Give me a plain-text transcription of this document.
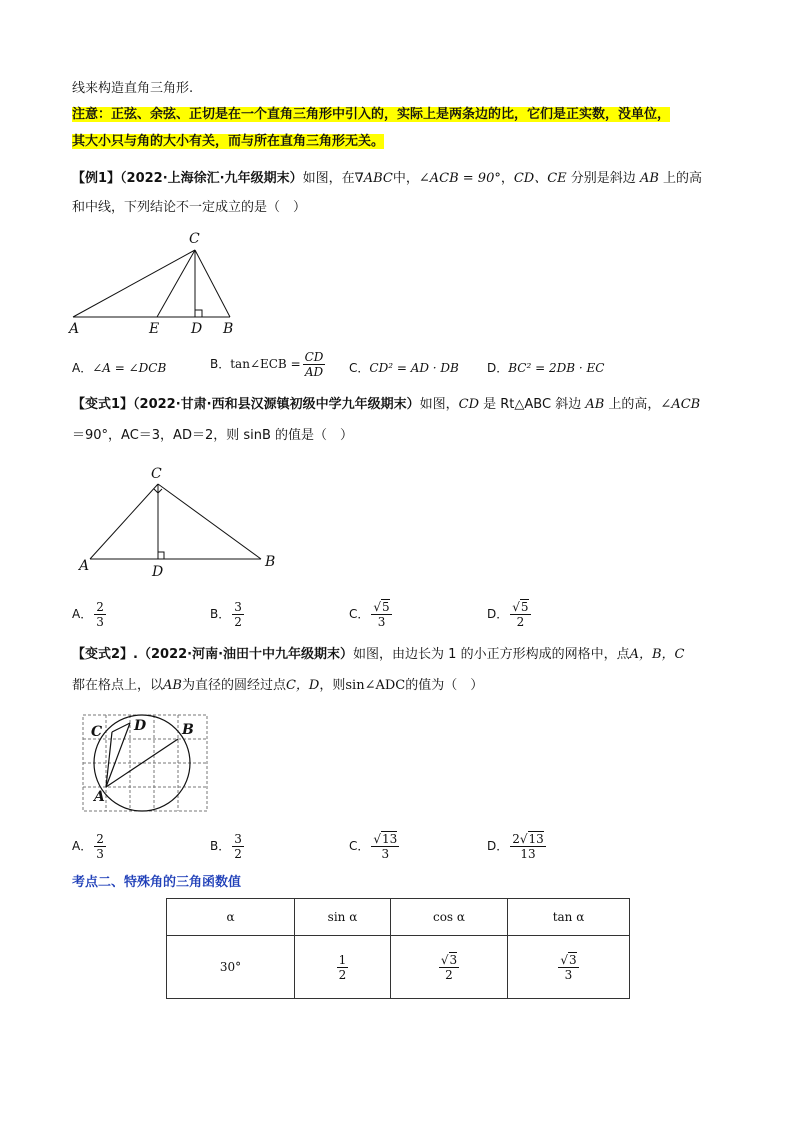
线来构造直角三角形.
注意：正弦、余弦、正切是在一个直角三角形中引入的，实际上是两条边的比，它们是正实数，没单位，
其大小只与角的大小有关，而与所在直角三角形无关。
【例1】（2022·上海徐汇·九年级期末）如图，在∇ABC中，∠ACB = 90°，CD、CE 分别是斜边 AB 上的高
和中线，下列结论不一定成立的是（　）
C
A	E D B
A．∠A = ∠DCB	B．tan∠ECB = $\frac{CD}{AD}$ C．CD² = AD · DB D．BC² = 2DB · EC
【变式1】（2022·甘肃·西和县汉源镇初级中学九年级期末）如图，CD 是 Rt△ABC 斜边 AB 上的高，∠ACB
＝90°，AC＝3，AD＝2，则 sinB 的值是（　）
C
A	D
B
A． $\frac{2}{3}$	B． $\frac{3}{2}$	C． $\frac{√5}{3}$	D． $\frac{√5}{2}$
【变式2】.（2022·河南·油田十中九年级期末）如图，由边长为 1 的小正方形构成的网格中，点A，B，C
都在格点上，以AB为直径的圆经过点C，D，则sin∠ADC的值为（　）
C D	B
A
A． $\frac{2}{3}$	B． $\frac{3}{2}$	C． $\frac{√13}{3}$	D． $\frac{2√13}{13}$
考点二、特殊角的三角函数值
α	sin α	cos α	tan α
30°	$\frac{1}{2}$	$\frac{√3}{2}$	$\frac{√3}{3}$
